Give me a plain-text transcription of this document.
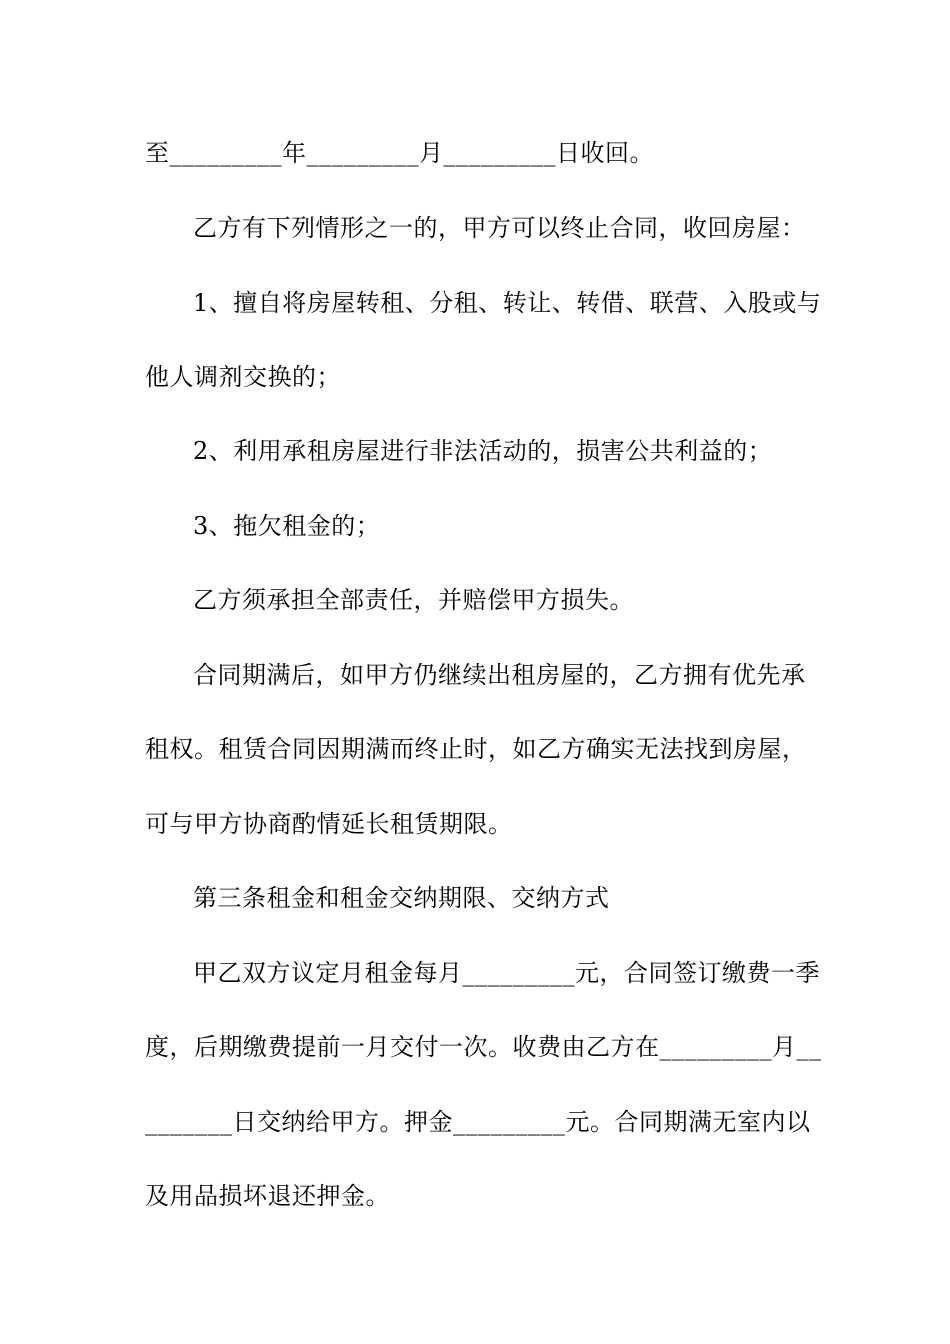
至_________年_________月_________日收回。
乙方有下列情形之一的，甲方可以终止合同，收回房屋：
1、擅自将房屋转租、分租、转让、转借、联营、入股或与
他人调剂交换的；
2、利用承租房屋进行非法活动的，损害公共利益的；
3、拖欠租金的；
乙方须承担全部责任，并赔偿甲方损失。
合同期满后，如甲方仍继续出租房屋的，乙方拥有优先承
租权。租赁合同因期满而终止时，如乙方确实无法找到房屋，
可与甲方协商酌情延长租赁期限。
第三条租金和租金交纳期限、交纳方式
甲乙双方议定月租金每月_________元，合同签订缴费一季
度，后期缴费提前一月交付一次。收费由乙方在_________月__
_______日交纳给甲方。押金_________元。合同期满无室内以
及用品损坏退还押金。
